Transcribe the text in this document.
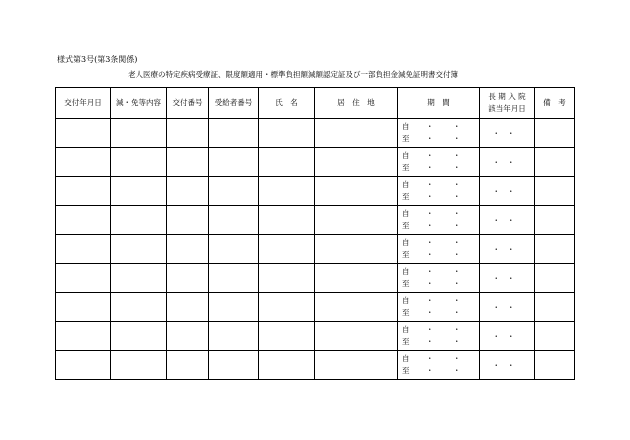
様式第3号(第3条関係)
老人医療の特定疾病受療証、限度額適用・標準負担額減額認定証及び一部負担金減免証明書交付簿
交付年月日	減・免等内容	交付番号	受給者番号	氏　名	居　住　地	期　間	長 期 入 院
該当年月日	備　考

						自 ・　・
至 ・　・	・・	

						自 ・　・
至 ・　・	・・	

						自 ・　・
至 ・　・	・・	

						自 ・　・
至 ・　・	・・	

						自 ・　・
至 ・　・	・・	

						自 ・　・
至 ・　・	・・	

						自 ・　・
至 ・　・	・・	

						自 ・　・
至 ・　・	・・	

						自 ・　・
至 ・　・	・・	
